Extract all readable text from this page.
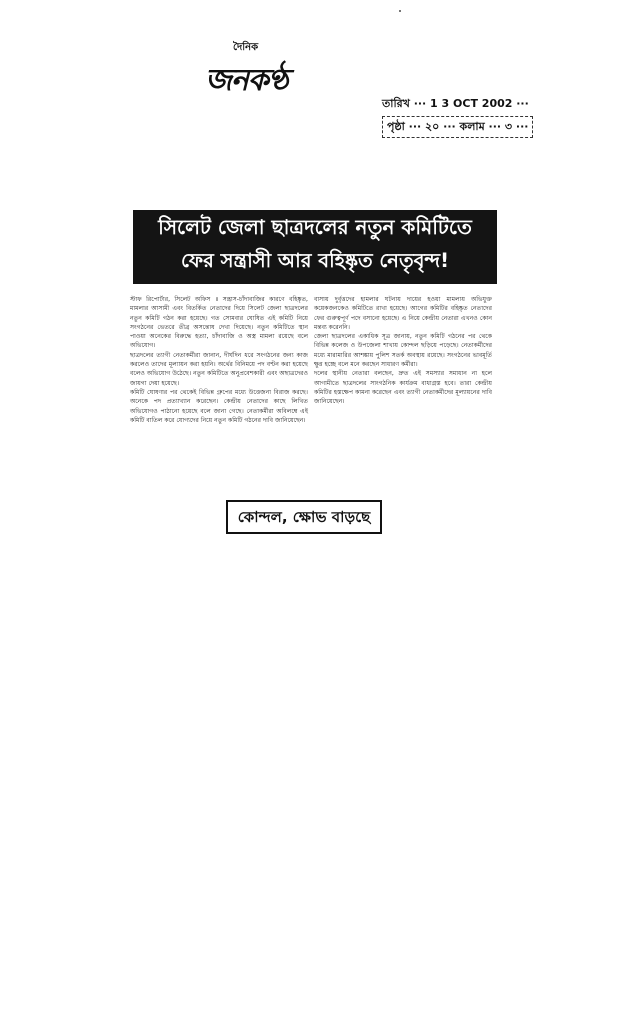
দৈনিক
জনকণ্ঠ
তারিখ ··· 1 3 OCT 2002 ···
পৃষ্ঠা ··· ২০ ··· কলাম ··· ৩ ···
সিলেট জেলা ছাত্রদলের নতুন কমিটিতে
ফের সন্ত্রাসী আর বহিষ্কৃত নেতৃবৃন্দ!

স্টাফ রিপোর্টার, সিলেট অফিস ॥ সন্ত্রাস-চাঁদাবাজির কারণে বহিষ্কৃত, মামলার আসামী এবং বিতর্কিত নেতাদের দিয়ে সিলেট জেলা ছাত্রদলের নতুন কমিটি গঠন করা হয়েছে। গত সোমবার ঘোষিত এই কমিটি নিয়ে সংগঠনের ভেতরে তীব্র অসন্তোষ দেখা দিয়েছে। নতুন কমিটিতে স্থান পাওয়া অনেকের বিরুদ্ধে হত্যা, চাঁদাবাজি ও অস্ত্র মামলা রয়েছে বলে অভিযোগ।

ছাত্রদলের ত্যাগী নেতাকর্মীরা জানান, দীর্ঘদিন ধরে সংগঠনের জন্য কাজ করলেও তাদের মূল্যায়ন করা হয়নি। অর্থের বিনিময়ে পদ বণ্টন করা হয়েছে বলেও অভিযোগ উঠেছে। নতুন কমিটিতে অনুপ্রবেশকারী এবং অছাত্রদেরও জায়গা দেয়া হয়েছে।

কমিটি ঘোষণার পর থেকেই বিভিন্ন গ্রুপের মধ্যে উত্তেজনা বিরাজ করছে। অনেকে পদ প্রত্যাখ্যান করেছেন। কেন্দ্রীয় নেতাদের কাছে লিখিত অভিযোগও পাঠানো হয়েছে বলে জানা গেছে। নেতাকর্মীরা অবিলম্বে এই কমিটি বাতিল করে যোগ্যদের নিয়ে নতুন কমিটি গঠনের দাবি জানিয়েছেন।

বাসায় দুর্বৃত্তদের হামলার ঘটনায় দায়ের হওয়া মামলায় অভিযুক্ত কয়েকজনকেও কমিটিতে রাখা হয়েছে। আগের কমিটির বহিষ্কৃত নেতাদের ফের গুরুত্বপূর্ণ পদে বসানো হয়েছে। এ নিয়ে কেন্দ্রীয় নেতারা এখনও কোন মন্তব্য করেননি।

জেলা ছাত্রদলের একাধিক সূত্র জানায়, নতুন কমিটি গঠনের পর থেকে বিভিন্ন কলেজ ও উপজেলা শাখায় কোন্দল ছড়িয়ে পড়েছে। নেতাকর্মীদের মধ্যে মারামারির আশঙ্কায় পুলিশ সতর্ক অবস্থায় রয়েছে। সংগঠনের ভাবমূর্তি ক্ষুণ্ণ হচ্ছে বলে মনে করছেন সাধারণ কর্মীরা।

দলের স্থানীয় নেতারা বলছেন, দ্রুত এই সমস্যার সমাধান না হলে আগামীতে ছাত্রদলের সাংগঠনিক কার্যক্রম বাধাগ্রস্ত হবে। তারা কেন্দ্রীয় কমিটির হস্তক্ষেপ কামনা করেছেন এবং ত্যাগী নেতাকর্মীদের মূল্যায়নের দাবি জানিয়েছেন।

কোন্দল, ক্ষোভ বাড়ছে
